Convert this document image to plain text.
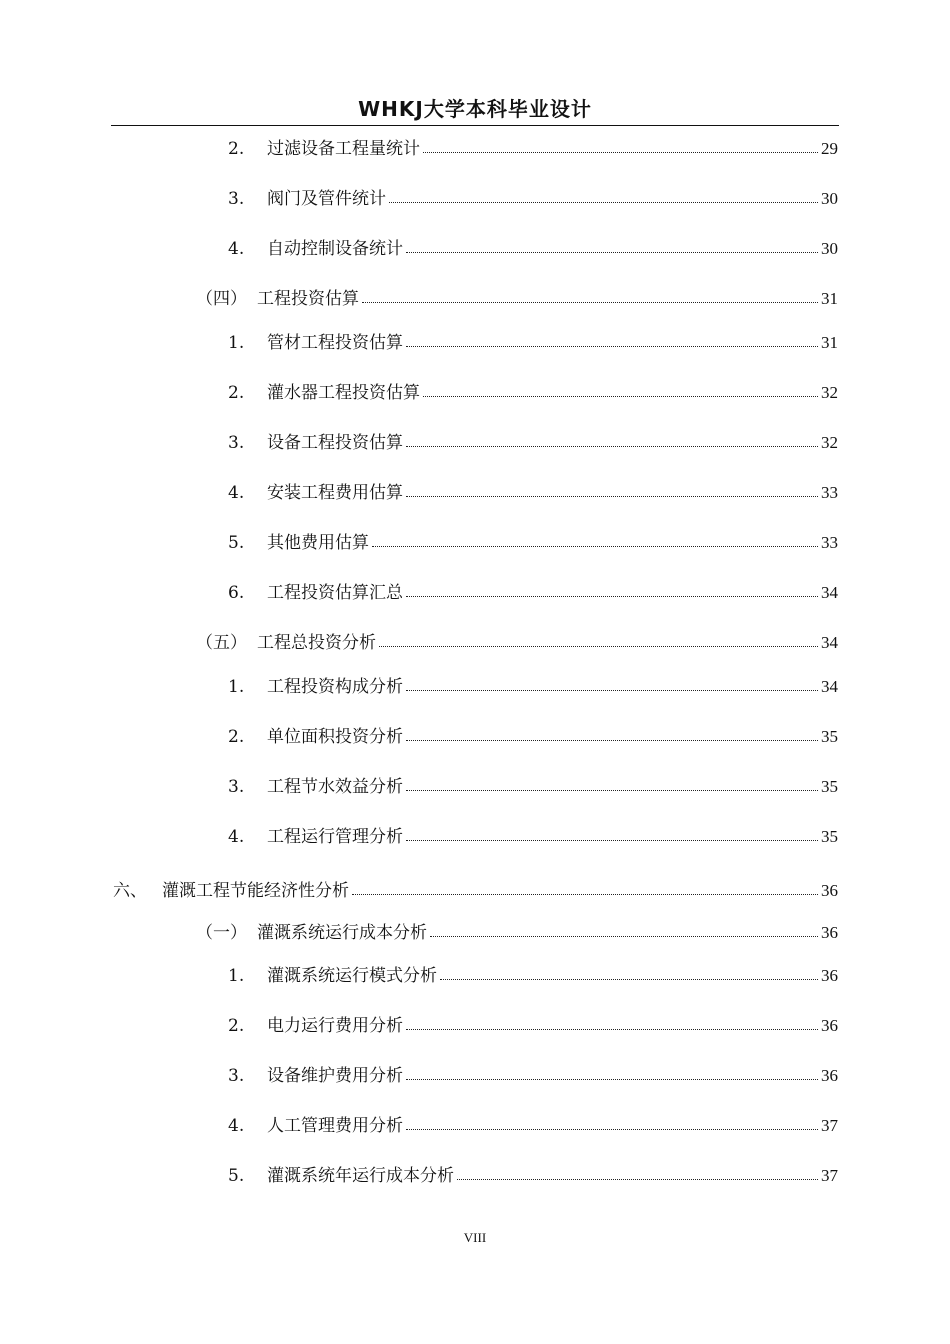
WHKJ大学本科毕业设计
2.	过滤设备工程量统计	29
3.	阀门及管件统计	30
4.	自动控制设备统计	30
（四） 工程投资估算	31
1.	管材工程投资估算	31
2.	灌水器工程投资估算	32
3.	设备工程投资估算	32
4.	安装工程费用估算	33
5.	其他费用估算	33
6.	工程投资估算汇总	34
（五） 工程总投资分析	34
1.	工程投资构成分析	34
2.	单位面积投资分析	35
3.	工程节水效益分析	35
4.	工程运行管理分析	35
六、 灌溉工程节能经济性分析	36
（一） 灌溉系统运行成本分析	36
1.	灌溉系统运行模式分析	36
2.	电力运行费用分析	36
3.	设备维护费用分析	36
4.	人工管理费用分析	37
5.	灌溉系统年运行成本分析	37
VIII
